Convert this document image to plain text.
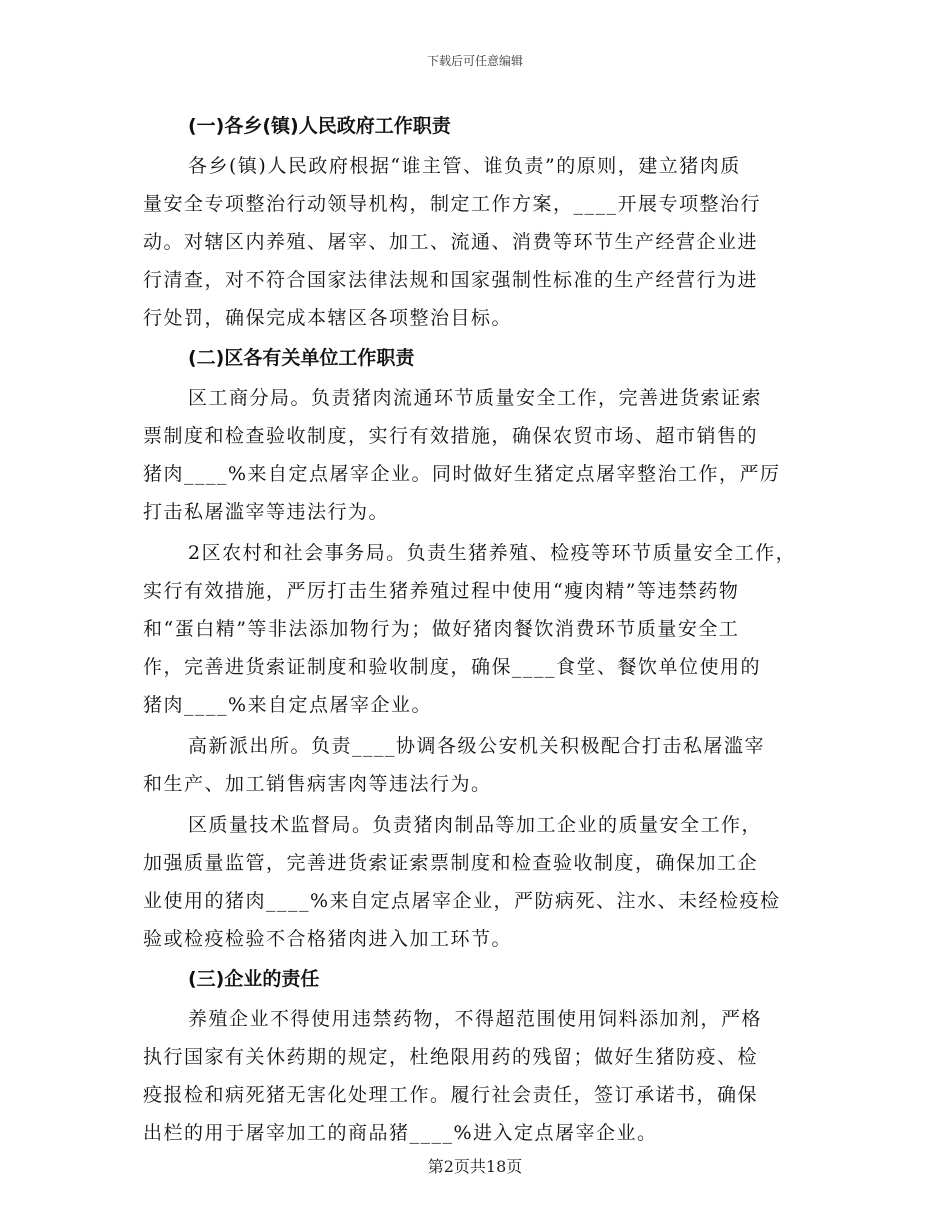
下载后可任意编辑
(一)各乡(镇)人民政府工作职责
各乡(镇)人民政府根据“谁主管、谁负责”的原则，建立猪肉质
量安全专项整治行动领导机构，制定工作方案，____开展专项整治行
动。对辖区内养殖、屠宰、加工、流通、消费等环节生产经营企业进
行清查，对不符合国家法律法规和国家强制性标准的生产经营行为进
行处罚，确保完成本辖区各项整治目标。
(二)区各有关单位工作职责
区工商分局。负责猪肉流通环节质量安全工作，完善进货索证索
票制度和检查验收制度，实行有效措施，确保农贸市场、超市销售的
猪肉____%来自定点屠宰企业。同时做好生猪定点屠宰整治工作，严厉
打击私屠滥宰等违法行为。
2区农村和社会事务局。负责生猪养殖、检疫等环节质量安全工作，
实行有效措施，严厉打击生猪养殖过程中使用“瘦肉精”等违禁药物
和“蛋白精”等非法添加物行为；做好猪肉餐饮消费环节质量安全工
作，完善进货索证制度和验收制度，确保____食堂、餐饮单位使用的
猪肉____%来自定点屠宰企业。
高新派出所。负责____协调各级公安机关积极配合打击私屠滥宰
和生产、加工销售病害肉等违法行为。
区质量技术监督局。负责猪肉制品等加工企业的质量安全工作，
加强质量监管，完善进货索证索票制度和检查验收制度，确保加工企
业使用的猪肉____%来自定点屠宰企业，严防病死、注水、未经检疫检
验或检疫检验不合格猪肉进入加工环节。
(三)企业的责任
养殖企业不得使用违禁药物，不得超范围使用饲料添加剂，严格
执行国家有关休药期的规定，杜绝限用药的残留；做好生猪防疫、检
疫报检和病死猪无害化处理工作。履行社会责任，签订承诺书，确保
出栏的用于屠宰加工的商品猪____%进入定点屠宰企业。
第2页共18页
